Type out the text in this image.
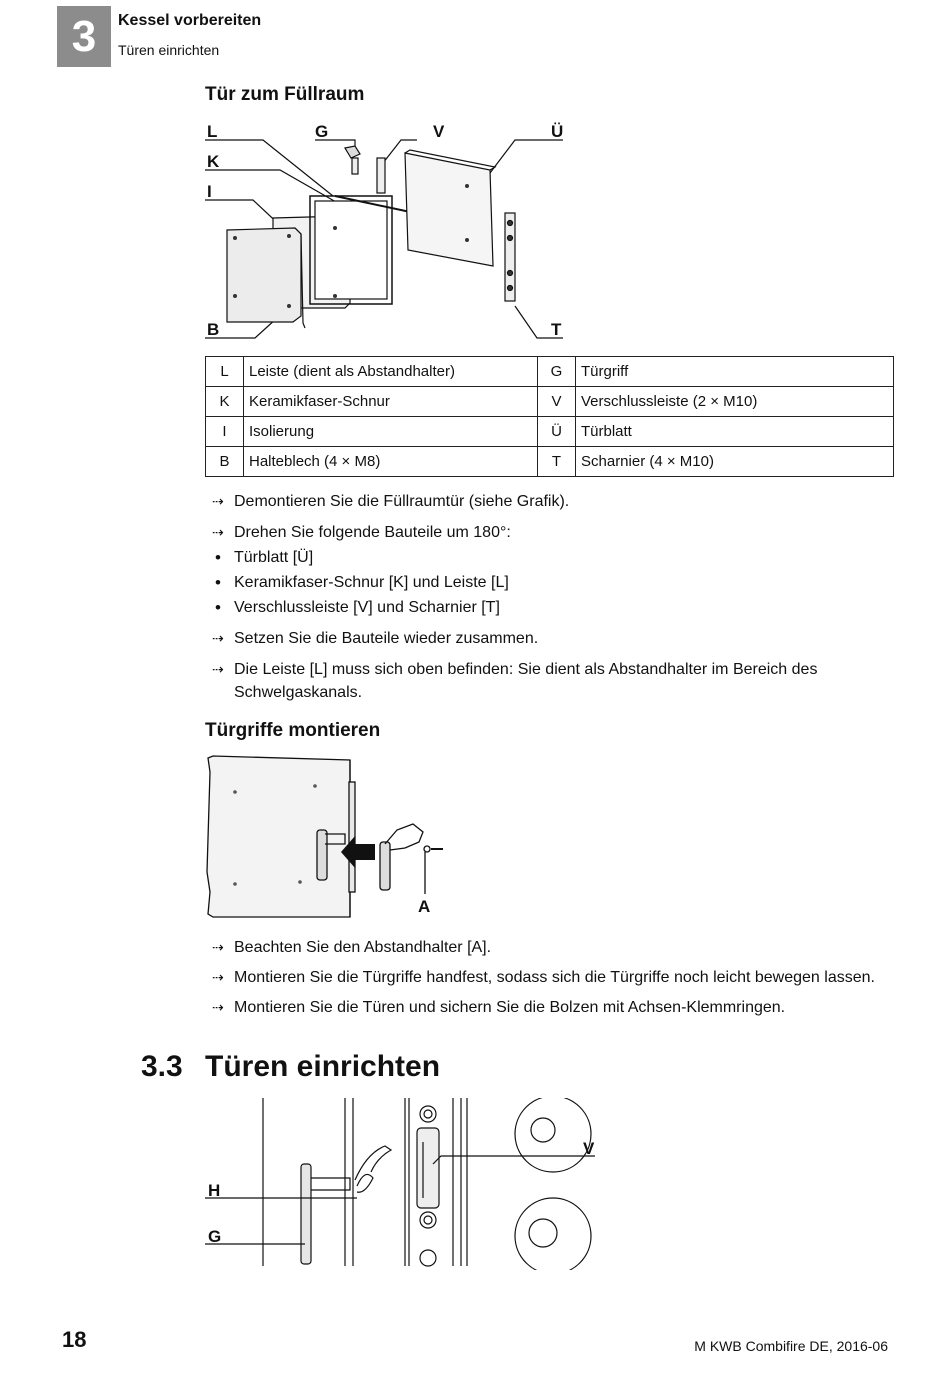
3	Kessel vorbereiten
Türen einrichten
Tür zum Füllraum
L	G	V	Ü
K
I
B	T
L	Leiste (dient als Abstandhalter)	G	Türgriff
K	Keramikfaser-Schnur	V	Verschlussleiste (2 × M10)
I	Isolierung	Ü	Türblatt
B	Halteblech (4 × M8)	T	Scharnier (4 × M10)
⇢ Demontieren Sie die Füllraumtür (siehe Grafik).
⇢ Drehen Sie folgende Bauteile um 180°:
• Türblatt [Ü]
• Keramikfaser-Schnur [K] und Leiste [L]
• Verschlussleiste [V] und Scharnier [T]
⇢ Setzen Sie die Bauteile wieder zusammen.
⇢ Die Leiste [L] muss sich oben befinden: Sie dient als Abstandhalter im Bereich des Schwelgaskanals.
Türgriffe montieren
A
⇢ Beachten Sie den Abstandhalter [A].
⇢ Montieren Sie die Türgriffe handfest, sodass sich die Türgriffe noch leicht bewegen lassen.
⇢ Montieren Sie die Türen und sichern Sie die Bolzen mit Achsen-Klemmringen.
3.3 Türen einrichten
H
G
V
18	M KWB Combifire DE, 2016-06
